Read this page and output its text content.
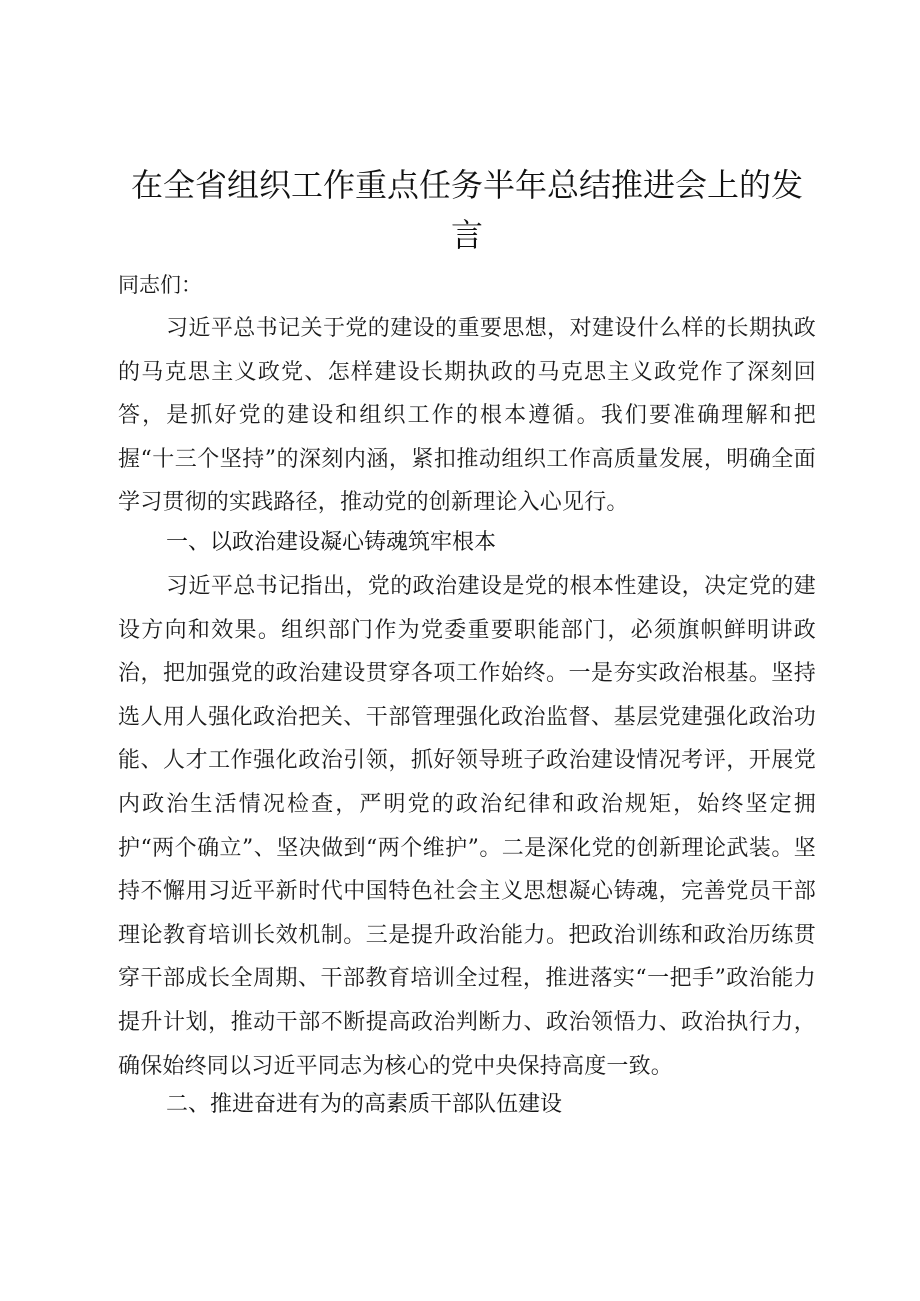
在全省组织工作重点任务半年总结推进会上的发言

同志们：

习近平总书记关于党的建设的重要思想，对建设什么样的长期执政的马克思主义政党、怎样建设长期执政的马克思主义政党作了深刻回答，是抓好党的建设和组织工作的根本遵循。我们要准确理解和把握“十三个坚持”的深刻内涵，紧扣推动组织工作高质量发展，明确全面学习贯彻的实践路径，推动党的创新理论入心见行。

一、以政治建设凝心铸魂筑牢根本

习近平总书记指出，党的政治建设是党的根本性建设，决定党的建设方向和效果。组织部门作为党委重要职能部门，必须旗帜鲜明讲政治，把加强党的政治建设贯穿各项工作始终。一是夯实政治根基。坚持选人用人强化政治把关、干部管理强化政治监督、基层党建强化政治功能、人才工作强化政治引领，抓好领导班子政治建设情况考评，开展党内政治生活情况检查，严明党的政治纪律和政治规矩，始终坚定拥护“两个确立”、坚决做到“两个维护”。二是深化党的创新理论武装。坚持不懈用习近平新时代中国特色社会主义思想凝心铸魂，完善党员干部理论教育培训长效机制。三是提升政治能力。把政治训练和政治历练贯穿干部成长全周期、干部教育培训全过程，推进落实“一把手”政治能力提升计划，推动干部不断提高政治判断力、政治领悟力、政治执行力，确保始终同以习近平同志为核心的党中央保持高度一致。

二、推进奋进有为的高素质干部队伍建设
